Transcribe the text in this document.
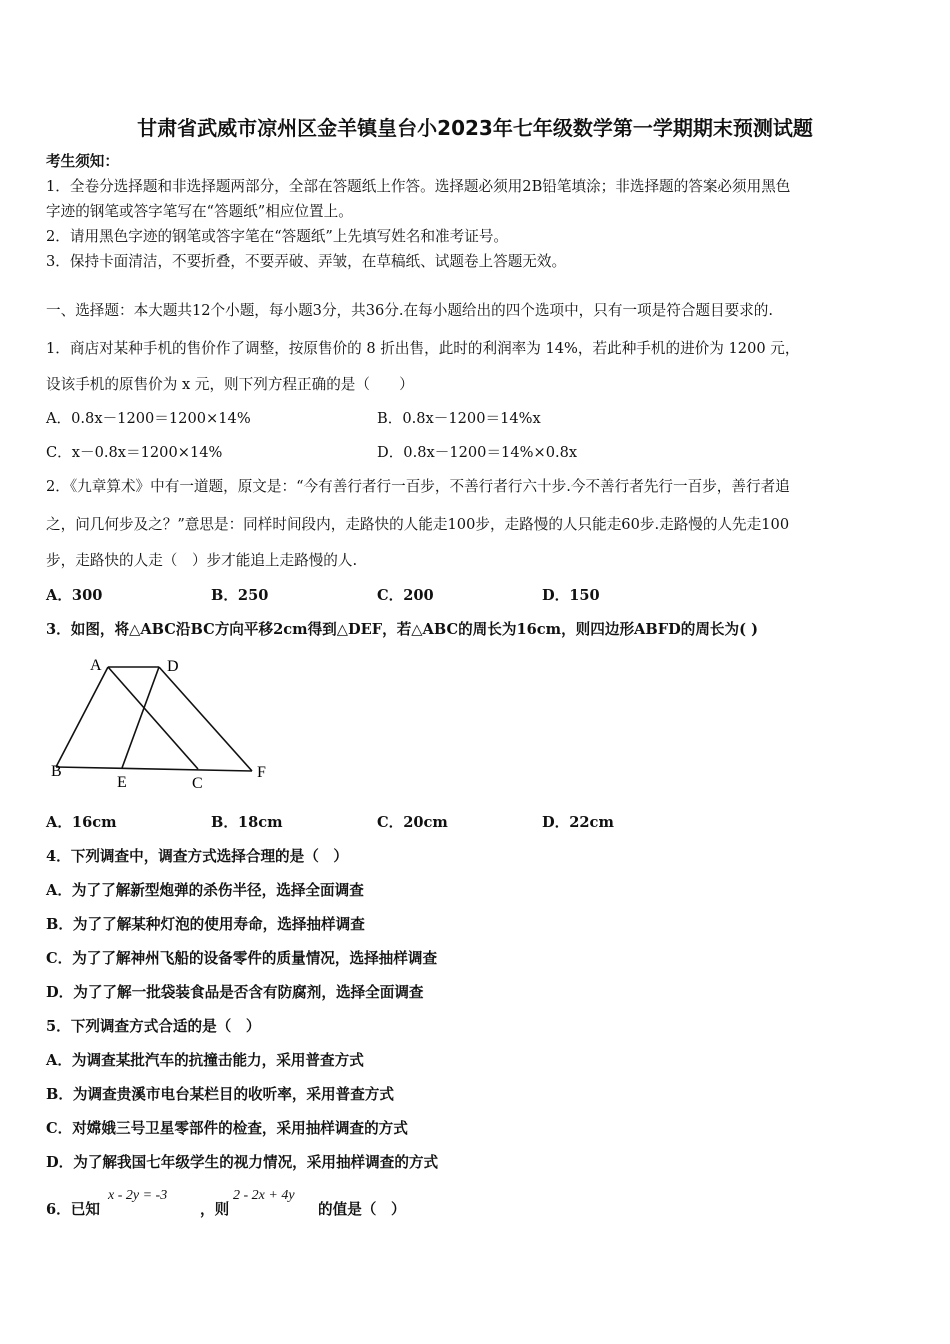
甘肃省武威市凉州区金羊镇皇台小2023年七年级数学第一学期期末预测试题
考生须知：
1．全卷分选择题和非选择题两部分，全部在答题纸上作答。选择题必须用2B铅笔填涂；非选择题的答案必须用黑色
字迹的钢笔或答字笔写在“答题纸”相应位置上。
2．请用黑色字迹的钢笔或答字笔在“答题纸”上先填写姓名和准考证号。
3．保持卡面清洁，不要折叠，不要弄破、弄皱，在草稿纸、试题卷上答题无效。
一、选择题：本大题共12个小题，每小题3分，共36分.在每小题给出的四个选项中，只有一项是符合题目要求的.
1．商店对某种手机的售价作了调整，按原售价的 8 折出售，此时的利润率为 14%，若此种手机的进价为 1200 元，
设该手机的原售价为 x 元，则下列方程正确的是（　　）
A．0.8x－1200＝1200×14%	B．0.8x－1200＝14%x
C．x－0.8x＝1200×14%	D．0.8x－1200＝14%×0.8x
2．《九章算术》中有一道题，原文是：“今有善行者行一百步，不善行者行六十步.今不善行者先行一百步，善行者追
之，问几何步及之？”意思是：同样时间段内，走路快的人能走100步，走路慢的人只能走60步.走路慢的人先走100
步，走路快的人走（　）步才能追上走路慢的人.
A．300	B．250	C．200	D．150
3．如图，将△ABC沿BC方向平移2cm得到△DEF，若△ABC的周长为16cm，则四边形ABFD的周长为( )
A	D
B
E	C
F
A．16cm	B．18cm	C．20cm	D．22cm
4．下列调查中，调查方式选择合理的是（　）
A．为了了解新型炮弹的杀伤半径，选择全面调查
B．为了了解某种灯泡的使用寿命，选择抽样调查
C．为了了解神州飞船的设备零件的质量情况，选择抽样调查
D．为了了解一批袋装食品是否含有防腐剂，选择全面调查
5．下列调查方式合适的是（　）
A．为调查某批汽车的抗撞击能力，采用普查方式
B．为调查贵溪市电台某栏目的收听率，采用普查方式
C．对嫦娥三号卫星零部件的检查，采用抽样调查的方式
D．为了解我国七年级学生的视力情况，采用抽样调查的方式
6．已知
x - 2y = -3
，则
2 - 2x + 4y
的值是（　）
